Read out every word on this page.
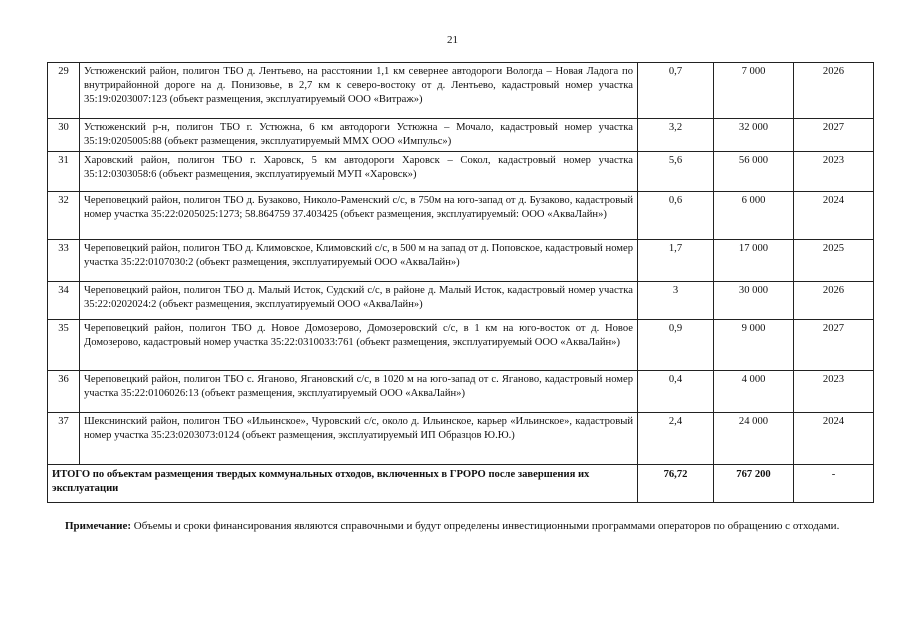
21
29	Устюженский район, полигон ТБО д. Лентьево, на расстоянии 1,1 км севернее автодороги Вологда – Новая Ладога по внутрирайонной дороге на д. Понизовье, в 2,7 км к северо-востоку от д. Лентьево, кадастровый номер участка 35:19:0203007:123 (объект размещения, эксплуатируемый ООО «Витраж»)	0,7	7 000	2026
30	Устюженский р-н, полигон ТБО г. Устюжна, 6 км автодороги Устюжна – Мочало, кадастровый номер участка 35:19:0205005:88 (объект размещения, эксплуатируемый ММХ ООО «Импульс»)	3,2	32 000	2027
31	Харовский район, полигон ТБО г. Харовск, 5 км автодороги Харовск – Сокол, кадастровый номер участка 35:12:0303058:6 (объект размещения, эксплуатируемый МУП «Харовск»)	5,6	56 000	2023
32	Череповецкий район, полигон ТБО д. Бузаково, Николо-Раменский с/с, в 750м на юго-запад от д. Бузаково, кадастровый номер участка 35:22:0205025:1273; 58.864759 37.403425 (объект размещения, эксплуатируемый: ООО «АкваЛайн»)	0,6	6 000	2024
33	Череповецкий район, полигон ТБО д. Климовское, Климовский с/с, в 500 м на запад от д. Поповское, кадастровый номер участка 35:22:0107030:2 (объект размещения, эксплуатируемый ООО «АкваЛайн»)	1,7	17 000	2025
34	Череповецкий район, полигон ТБО д. Малый Исток, Судский с/с, в районе д. Малый Исток, кадастровый номер участка 35:22:0202024:2 (объект размещения, эксплуатируемый ООО «АкваЛайн»)	3	30 000	2026
35	Череповецкий район, полигон ТБО д. Новое Домозерово, Домозеровский с/с, в 1 км на юго-восток от д. Новое Домозерово, кадастровый номер участка 35:22:0310033:761 (объект размещения, эксплуатируемый ООО «АкваЛайн»)	0,9	9 000	2027
36	Череповецкий район, полигон ТБО с. Ягановo, Ягановский с/с, в 1020 м на юго-запад от с. Яганово, кадастровый номер участка 35:22:0106026:13 (объект размещения, эксплуатируемый ООО «АкваЛайн»)	0,4	4 000	2023
37	Шекснинский район, полигон ТБО «Ильинское», Чуровский с/с, около д. Ильинское, карьер «Ильинское», кадастровый номер участка 35:23:0203073:0124 (объект размещения, эксплуатируемый ИП Образцов Ю.Ю.)	2,4	24 000	2024
ИТОГО по объектам размещения твердых коммунальных отходов, включенных в ГРОРО после завершения их эксплуатации		76,72	767 200	-
Примечание: Объемы и сроки финансирования являются справочными и будут определены инвестиционными программами операторов по обращению с отходами.
